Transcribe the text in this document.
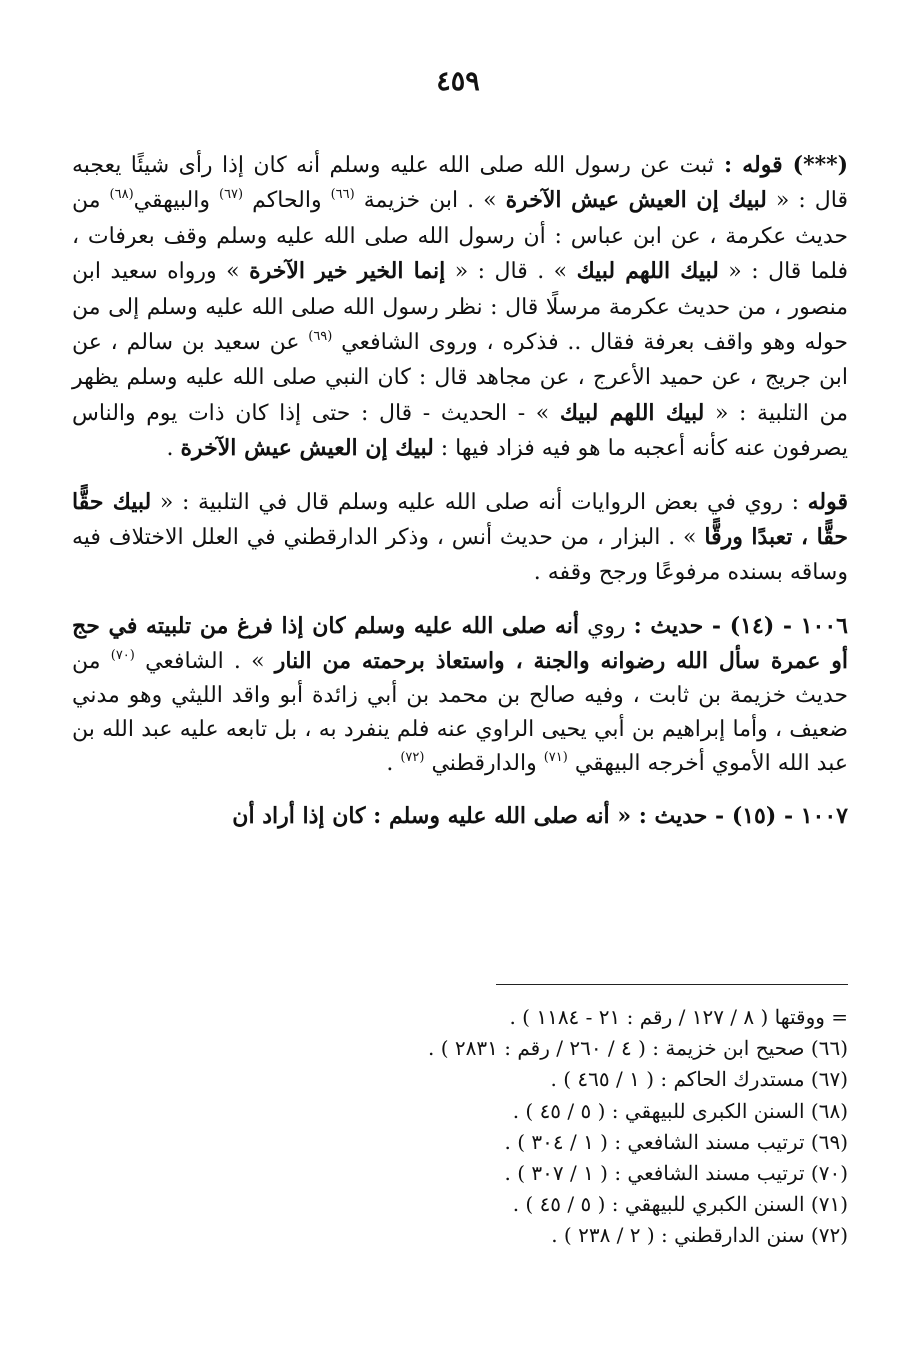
٤٥٩

(***) قوله : ثبت عن رسول الله صلى الله عليه وسلم أنه كان إذا رأى شيئًا يعجبه قال : « لبيك إن العيش عيش الآخرة » . ابن خزيمة $^{(٦٦)}$ والحاكم $^{(٦٧)}$ والبيهقي$^{(٦٨)}$ من حديث عكرمة ، عن ابن عباس : أن رسول الله صلى الله عليه وسلم وقف بعرفات ، فلما قال : « لبيك اللهم لبيك » . قال : « إنما الخير خير الآخرة » ورواه سعيد ابن منصور ، من حديث عكرمة مرسلًا قال : نظر رسول الله صلى الله عليه وسلم إلى من حوله وهو واقف بعرفة فقال .. فذكره ، وروى الشافعي $^{(٦٩)}$ عن سعيد بن سالم ، عن ابن جريج ، عن حميد الأعرج ، عن مجاهد قال : كان النبي صلى الله عليه وسلم يظهر من التلبية : « لبيك اللهم لبيك » - الحديث - قال : حتى إذا كان ذات يوم والناس يصرفون عنه كأنه أعجبه ما هو فيه فزاد فيها : لبيك إن العيش عيش الآخرة .

قوله : روي في بعض الروايات أنه صلى الله عليه وسلم قال في التلبية : « لبيك حقًّا حقًّا ، تعبدًا ورقًّا » . البزار ، من حديث أنس ، وذكر الدارقطني في العلل الاختلاف فيه وساقه بسنده مرفوعًا ورجح وقفه .

١٠٠٦ - (١٤) - حديث : روي أنه صلى الله عليه وسلم كان إذا فرغ من تلبيته في حج أو عمرة سأل الله رضوانه والجنة ، واستعاذ برحمته من النار » . الشافعي $^{(٧٠)}$ من حديث خزيمة بن ثابت ، وفيه صالح بن محمد بن أبي زائدة أبو واقد الليثي وهو مدني ضعيف ، وأما إبراهيم بن أبي يحيى الراوي عنه فلم ينفرد به ، بل تابعه عليه عبد الله بن عبد الله الأموي أخرجه البيهقي $^{(٧١)}$ والدارقطني $^{(٧٢)}$ .

١٠٠٧ - (١٥) - حديث : « أنه صلى الله عليه وسلم : كان إذا أراد أن

= ووقتها ( ٨ / ١٢٧ / رقم : ٢١ - ١١٨٤ ) .
(٦٦) صحيح ابن خزيمة : ( ٤ / ٢٦٠ / رقم : ٢٨٣١ ) .
(٦٧) مستدرك الحاكم : ( ١ / ٤٦٥ ) .
(٦٨) السنن الكبرى للبيهقي : ( ٥ / ٤٥ ) .
(٦٩) ترتيب مسند الشافعي : ( ١ / ٣٠٤ ) .
(٧٠) ترتيب مسند الشافعي : ( ١ / ٣٠٧ ) .
(٧١) السنن الكبري للبيهقي : ( ٥ / ٤٥ ) .
(٧٢) سنن الدارقطني : ( ٢ / ٢٣٨ ) .
